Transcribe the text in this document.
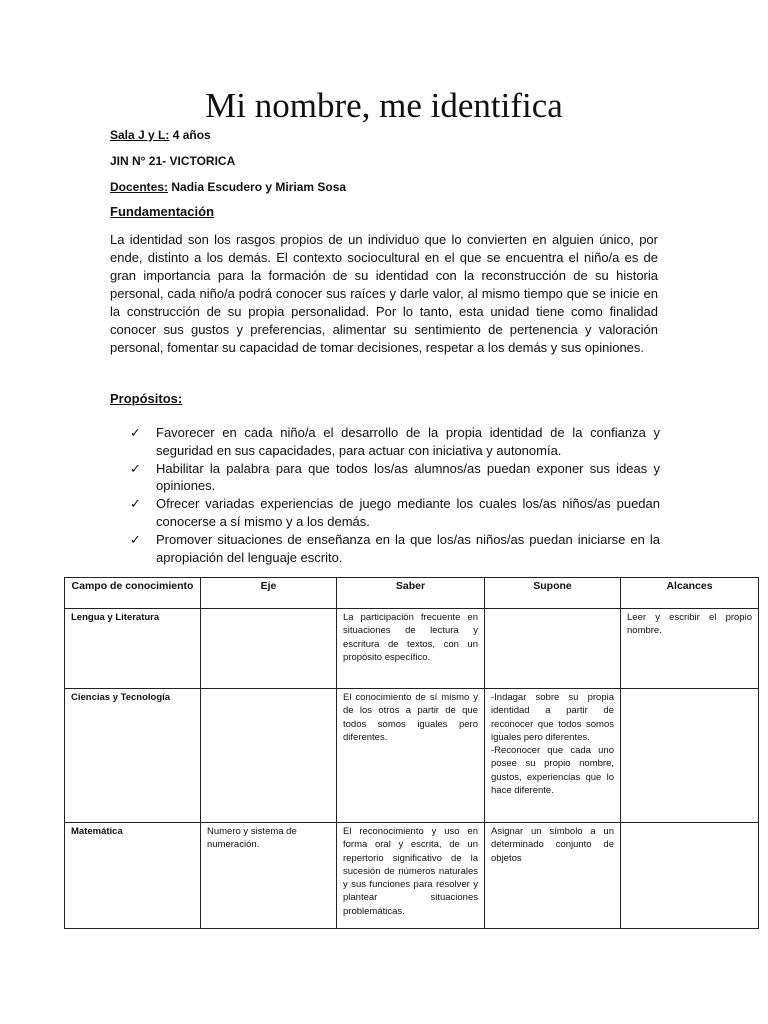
Mi nombre, me identifica
Sala J y L: 4 años
JIN N° 21- VICTORICA
Docentes: Nadia Escudero y Miriam Sosa
Fundamentación

La identidad son los rasgos propios de un individuo que lo convierten en alguien único, por ende, distinto a los demás. El contexto sociocultural en el que se encuentra el niño/a es de gran importancia para la formación de su identidad con la reconstrucción de su historia personal, cada niño/a podrá conocer sus raíces y darle valor, al mismo tiempo que se inicie en la construcción de su propia personalidad. Por lo tanto, esta unidad tiene como finalidad conocer sus gustos y preferencias, alimentar su sentimiento de pertenencia y valoración personal, fomentar su capacidad de tomar decisiones, respetar a los demás y sus opiniones.

Propósitos:
✓ Favorecer en cada niño/a el desarrollo de la propia identidad de la confianza y seguridad en sus capacidades, para actuar con iniciativa y autonomía.
✓ Habilitar la palabra para que todos los/as alumnos/as puedan exponer sus ideas y opiniones.
✓ Ofrecer variadas experiencias de juego mediante los cuales los/as niños/as puedan conocerse a sí mismo y a los demás.
✓ Promover situaciones de enseñanza en la que los/as niños/as puedan iniciarse en la apropiación del lenguaje escrito.
Campo de conocimiento	Eje	Saber	Supone	Alcances
Lengua y Literatura		La participación frecuente en situaciones de lectura y escritura de textos, con un propósito específico.		Leer y escribir el propio nombre.
Ciencias y Tecnología		El conocimiento de sí mismo y de los otros a partir de que todos somos iguales pero diferentes.	-Indagar sobre su propia identidad a partir de reconocer que todos somos iguales pero diferentes.
-Reconocer que cada uno posee su propio nombre, gustos, experiencias que lo hace diferente.	

Matemática	Numero y sistema de numeración.	El reconocimiento y uso en forma oral y escrita, de un repertorio significativo de la sucesión de números naturales y sus funciones para resolver y plantear situaciones problemáticas.	Asignar un símbolo a un determinado conjunto de objetos	
